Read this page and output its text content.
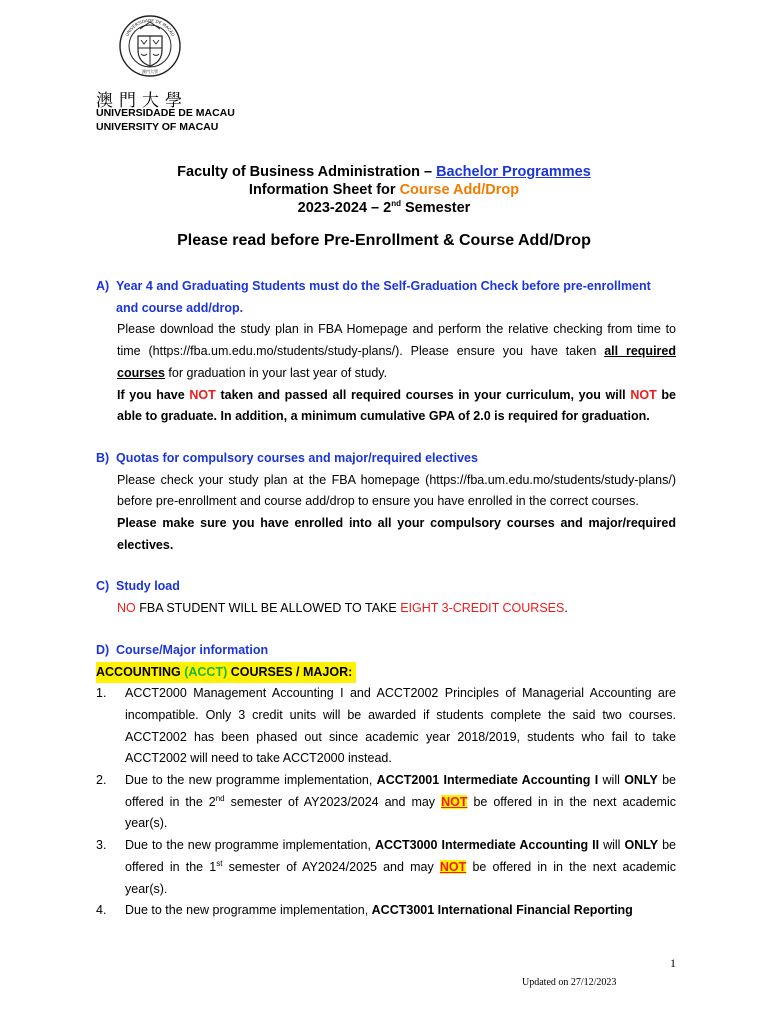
澳門大學
UNIVERSIDADE DE MACAU
澳門大學
UNIVERSIDADE DE MACAU
UNIVERSITY OF MACAU
Faculty of Business Administration – Bachelor Programmes
Information Sheet for Course Add/Drop
2023-2024 – 2nd Semester
Please read before Pre-Enrollment & Course Add/Drop
A) Year 4 and Graduating Students must do the Self-Graduation Check before pre-enrollment and course add/drop.
Please download the study plan in FBA Homepage and perform the relative checking from time to time (https://fba.um.edu.mo/students/study-plans/). Please ensure you have taken all required courses for graduation in your last year of study.
If you have NOT taken and passed all required courses in your curriculum, you will NOT be able to graduate. In addition, a minimum cumulative GPA of 2.0 is required for graduation.
B) Quotas for compulsory courses and major/required electives
Please check your study plan at the FBA homepage (https://fba.um.edu.mo/students/study-plans/) before pre-enrollment and course add/drop to ensure you have enrolled in the correct courses.
Please make sure you have enrolled into all your compulsory courses and major/required electives.
C) Study load
NO FBA STUDENT WILL BE ALLOWED TO TAKE EIGHT 3-CREDIT COURSES.
D) Course/Major information
ACCOUNTING (ACCT) COURSES / MAJOR:
1.	ACCT2000 Management Accounting I and ACCT2002 Principles of Managerial Accounting are incompatible. Only 3 credit units will be awarded if students complete the said two courses. ACCT2002 has been phased out since academic year 2018/2019, students who fail to take ACCT2002 will need to take ACCT2000 instead.
2.	Due to the new programme implementation, ACCT2001 Intermediate Accounting I will ONLY be offered in the 2nd semester of AY2023/2024 and may NOT be offered in in the next academic year(s).
3.	Due to the new programme implementation, ACCT3000 Intermediate Accounting II will ONLY be offered in the 1st semester of AY2024/2025 and may NOT be offered in in the next academic year(s).
4.	Due to the new programme implementation, ACCT3001 International Financial Reporting
1
Updated on 27/12/2023
